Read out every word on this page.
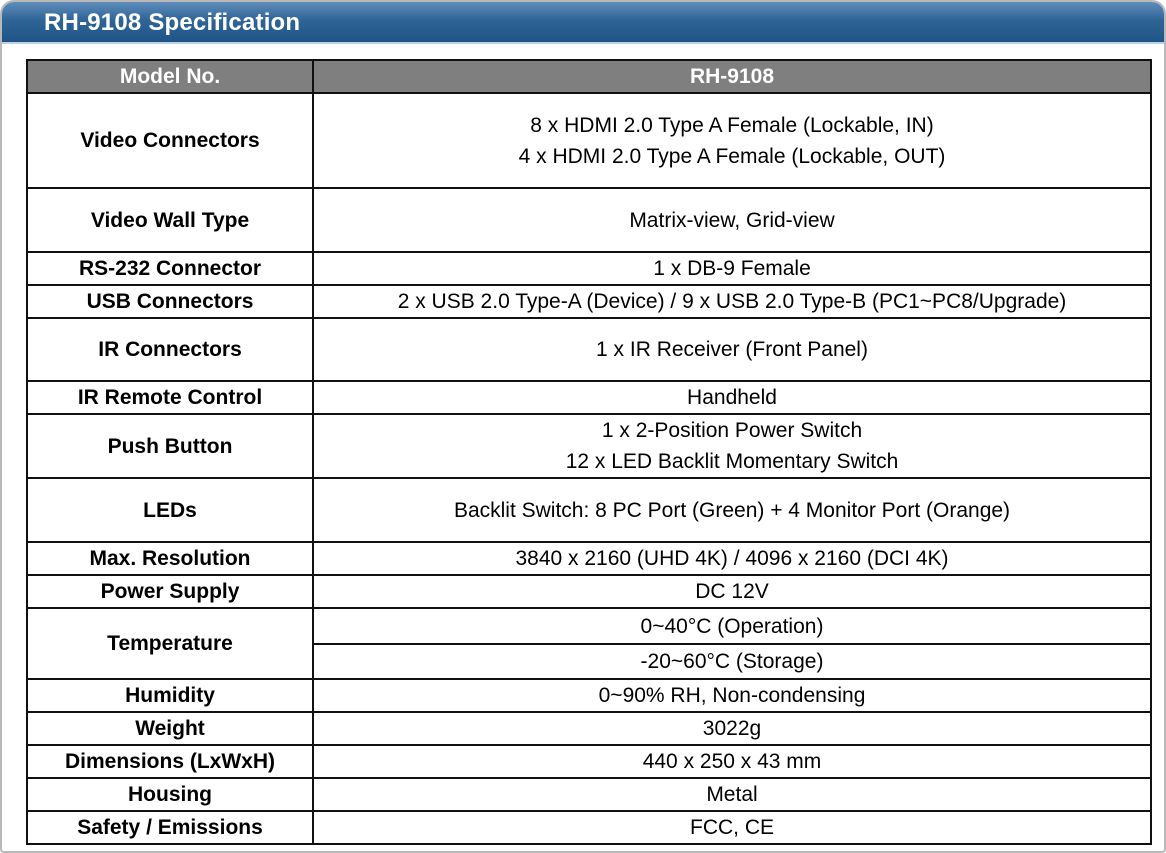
RH-9108 Specification
Model No.	RH-9108
Video Connectors	8 x HDMI 2.0 Type A Female (Lockable, IN)
4 x HDMI 2.0 Type A Female (Lockable, OUT)

Video Wall Type	Matrix-view, Grid-view
RS-232 Connector	1 x DB-9 Female
USB Connectors	2 x USB 2.0 Type-A (Device) / 9 x USB 2.0 Type-B (PC1~PC8/Upgrade)
IR Connectors	1 x IR Receiver (Front Panel)
IR Remote Control	Handheld
Push Button	1 x 2-Position Power Switch
12 x LED Backlit Momentary Switch

LEDs	Backlit Switch: 8 PC Port (Green) + 4 Monitor Port (Orange)
Max. Resolution	3840 x 2160 (UHD 4K) / 4096 x 2160 (DCI 4K)
Power Supply	DC 12V
Temperature	0~40°C (Operation)
	-20~60°C (Storage)
Humidity	0~90% RH, Non-condensing
Weight	3022g
Dimensions (LxWxH)	440 x 250 x 43 mm
Housing	Metal
Safety / Emissions	FCC, CE
